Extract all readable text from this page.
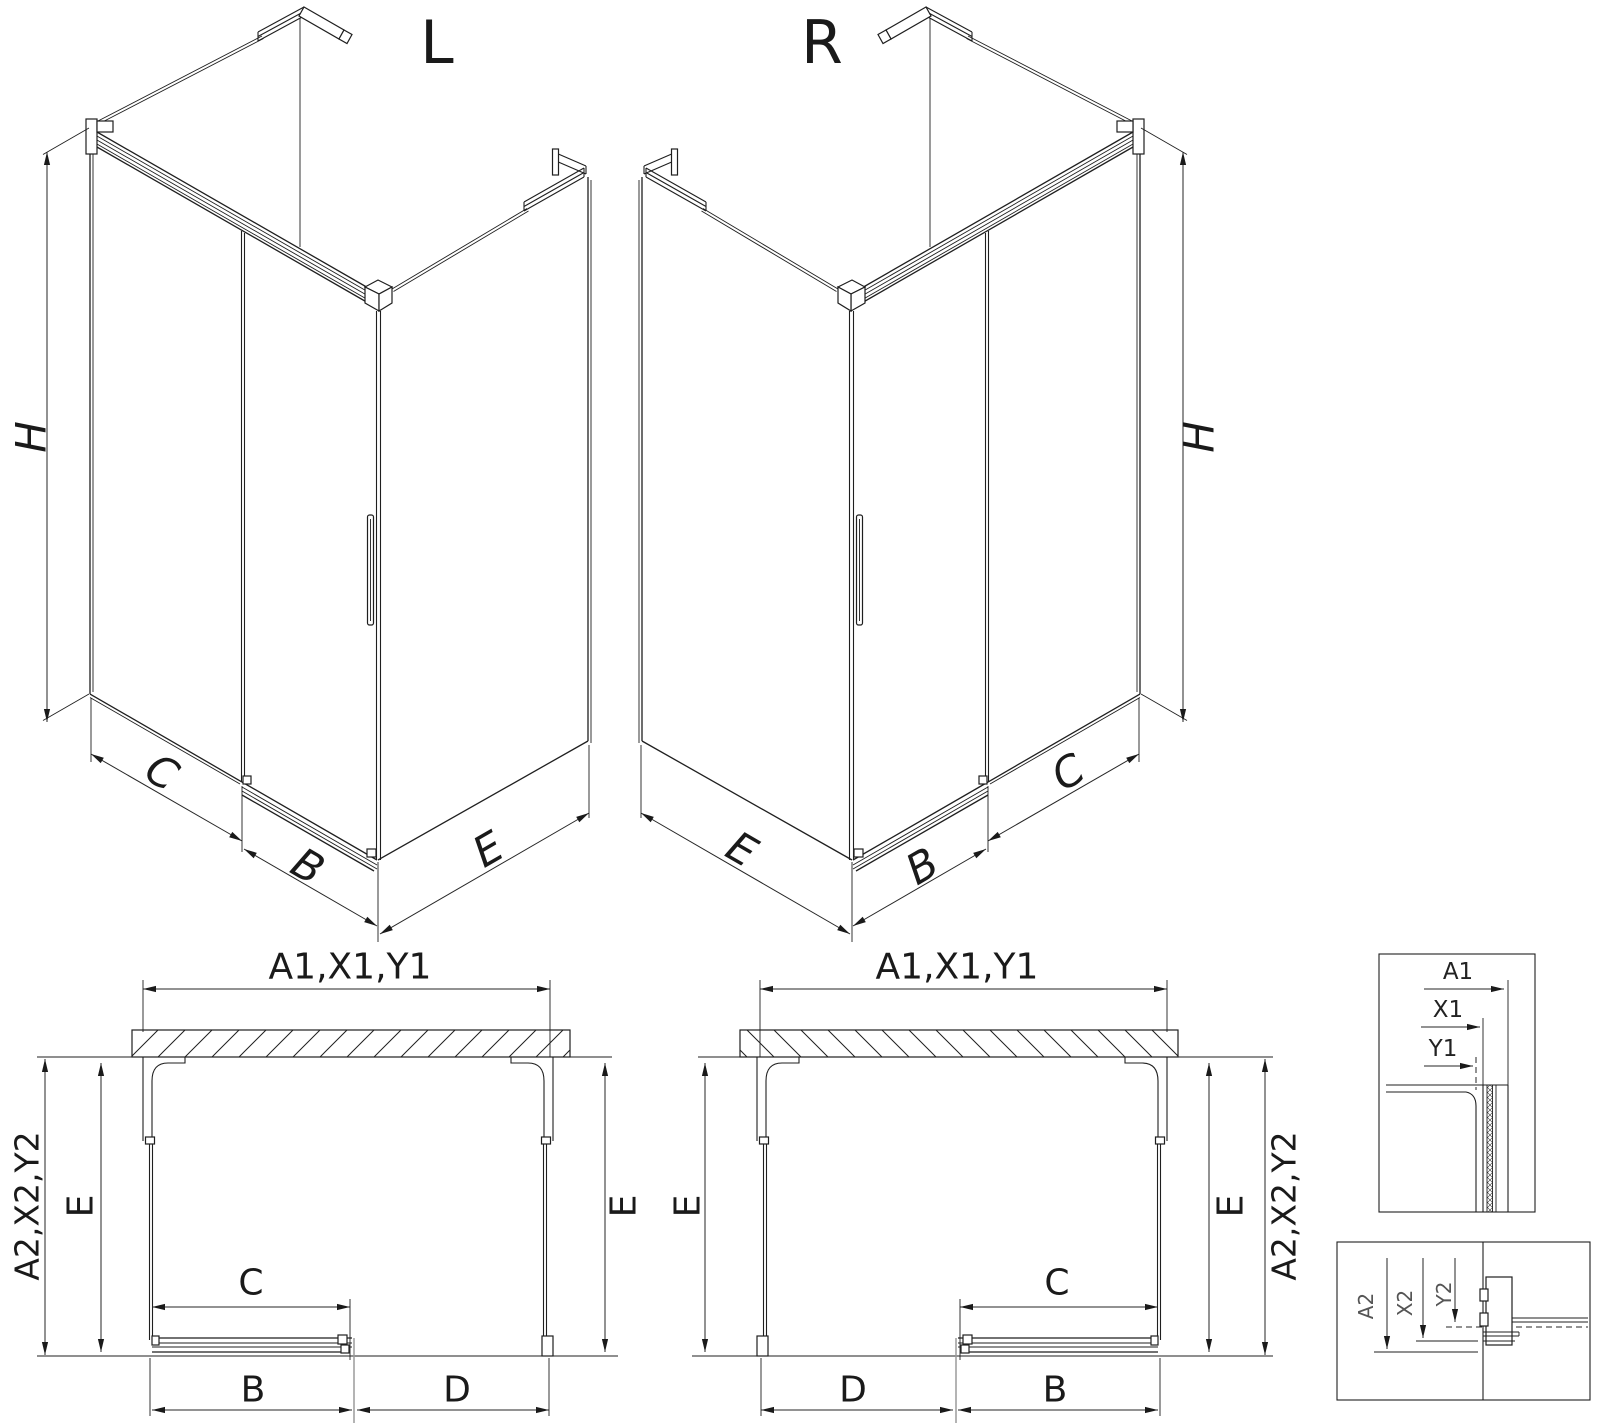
L
H
C
B	E
R
H
E	B
C
A1,X1,Y1
A2,X2,Y2 E	E
C
B	D
A1,X1,Y1
E	E A2,X2,Y2
C
B
D
A1
X1
Y1
A2 X2 Y2
